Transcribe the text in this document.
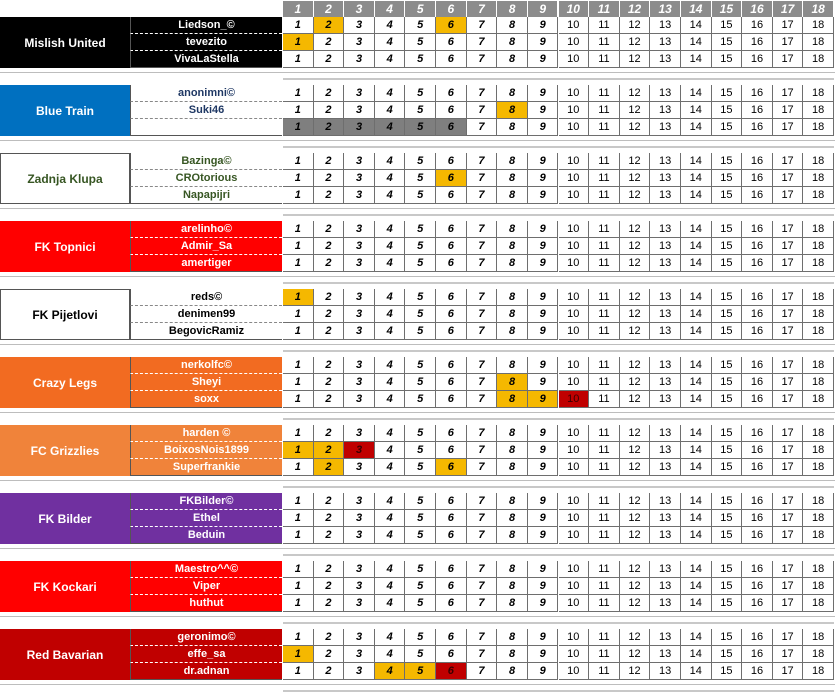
1	2	3	4	5	6	7	8	9	10	11	12	13	14	15	16	17	18
Mislish United
Liedson_©	1	2	3	4	5	6	7	8	9	10	11	12	13	14	15	16	17	18
tevezito	1	2	3	4	5	6	7	8	9	10	11	12	13	14	15	16	17	18
VivaLaStella	1	2	3	4	5	6	7	8	9	10	11	12	13	14	15	16	17	18
Blue Train
anonimni©	1	2	3	4	5	6	7	8	9	10	11	12	13	14	15	16	17	18
Suki46	1	2	3	4	5	6	7	8	9	10	11	12	13	14	15	16	17	18
1	2	3	4	5	6	7	8	9	10	11	12	13	14	15	16	17	18
Zadnja Klupa
Bazinga©	1	2	3	4	5	6	7	8	9	10	11	12	13	14	15	16	17	18
CROtorious	1	2	3	4	5	6	7	8	9	10	11	12	13	14	15	16	17	18
Napapijri	1	2	3	4	5	6	7	8	9	10	11	12	13	14	15	16	17	18
FK Topnici
arelinho©	1	2	3	4	5	6	7	8	9	10	11	12	13	14	15	16	17	18
Admir_Sa	1	2	3	4	5	6	7	8	9	10	11	12	13	14	15	16	17	18
amertiger	1	2	3	4	5	6	7	8	9	10	11	12	13	14	15	16	17	18
FK Pijetlovi
reds©	1	2	3	4	5	6	7	8	9	10	11	12	13	14	15	16	17	18
denimen99	1	2	3	4	5	6	7	8	9	10	11	12	13	14	15	16	17	18
BegovicRamiz	1	2	3	4	5	6	7	8	9	10	11	12	13	14	15	16	17	18
Crazy Legs
nerkolfc©	1	2	3	4	5	6	7	8	9	10	11	12	13	14	15	16	17	18
Sheyi	1	2	3	4	5	6	7	8	9	10	11	12	13	14	15	16	17	18
soxx	1	2	3	4	5	6	7	8	9	10	11	12	13	14	15	16	17	18
FC Grizzlies
harden ©	1	2	3	4	5	6	7	8	9	10	11	12	13	14	15	16	17	18
BoixosNois1899	1	2	3	4	5	6	7	8	9	10	11	12	13	14	15	16	17	18
Superfrankie	1	2	3	4	5	6	7	8	9	10	11	12	13	14	15	16	17	18
FK Bilder
FKBilder©	1	2	3	4	5	6	7	8	9	10	11	12	13	14	15	16	17	18
Ethel	1	2	3	4	5	6	7	8	9	10	11	12	13	14	15	16	17	18
Beduin	1	2	3	4	5	6	7	8	9	10	11	12	13	14	15	16	17	18
FK Kockari
Maestro^^©	1	2	3	4	5	6	7	8	9	10	11	12	13	14	15	16	17	18
Viper	1	2	3	4	5	6	7	8	9	10	11	12	13	14	15	16	17	18
huthut	1	2	3	4	5	6	7	8	9	10	11	12	13	14	15	16	17	18
Red Bavarian
geronimo©	1	2	3	4	5	6	7	8	9	10	11	12	13	14	15	16	17	18
effe_sa	1	2	3	4	5	6	7	8	9	10	11	12	13	14	15	16	17	18
dr.adnan	1	2	3	4	5	6	7	8	9	10	11	12	13	14	15	16	17	18
